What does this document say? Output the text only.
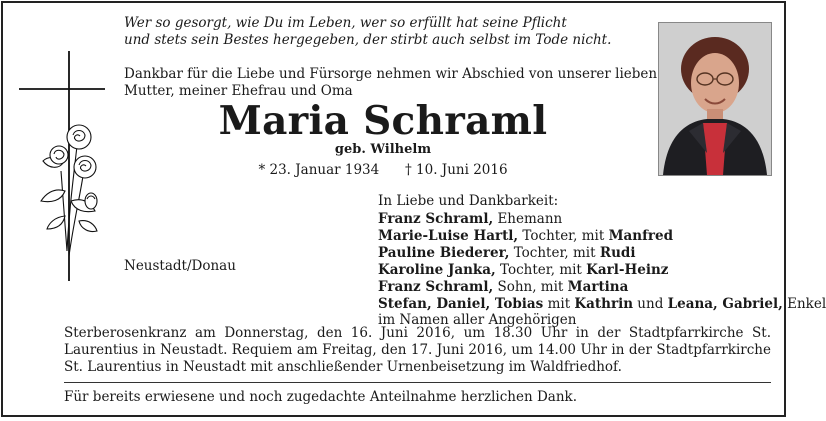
Wer so gesorgt, wie Du im Leben, wer so erfüllt hat seine Pflicht
und stets sein Bestes hergegeben, der stirbt auch selbst im Tode nicht.
Dankbar für die Liebe und Fürsorge nehmen wir Abschied von unserer lieben
Mutter, meiner Ehefrau und Oma
Maria Schraml
geb. Wilhelm
* 23. Januar 1934      † 10. Juni 2016
In Liebe und Dankbarkeit:
Franz Schraml, Ehemann
Marie-Luise Hartl, Tochter, mit Manfred
Pauline Biederer, Tochter, mit Rudi
Karoline Janka, Tochter, mit Karl-Heinz
Franz Schraml, Sohn, mit Martina
Stefan, Daniel, Tobias mit Kathrin und Leana, Gabriel, Enkel
im Namen aller Angehörigen
Neustadt/Donau
Sterberosenkranz am Donnerstag, den 16. Juni 2016, um 18.30 Uhr in der Stadtpfarrkirche St. Laurentius in Neustadt. Requiem am Freitag, den 17. Juni 2016, um 14.00 Uhr in der Stadtpfarrkirche St. Laurentius in Neustadt mit anschließender Urnenbeisetzung im Waldfriedhof.
Für bereits erwiesene und noch zugedachte Anteilnahme herzlichen Dank.
